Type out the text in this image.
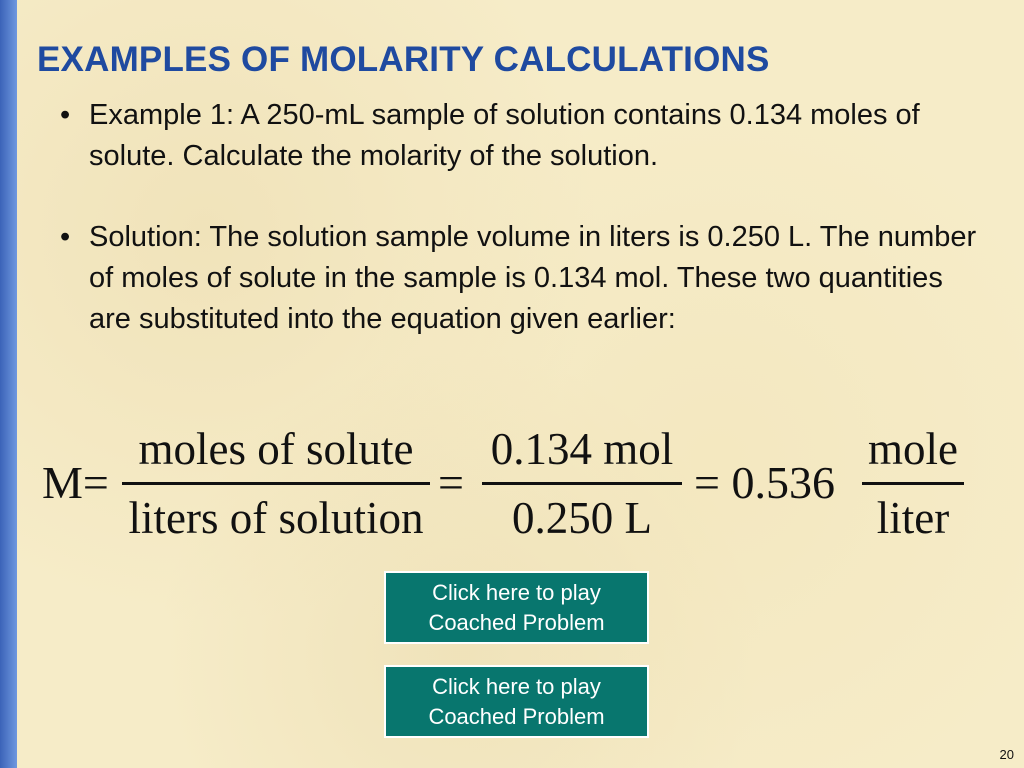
EXAMPLES OF MOLARITY CALCULATIONS
• Example 1: A 250-mL sample of solution contains 0.134 moles of solute. Calculate the molarity of the solution.
• Solution: The solution sample volume in liters is 0.250 L. The number of moles of solute in the sample is 0.134 mol. These two quantities are substituted into the equation given earlier:
M=
moles of solute
liters of solution
=
0.134 mol
0.250 L
= 0.536
mole
liter
Click here to play
Coached Problem
Click here to play
Coached Problem
20
